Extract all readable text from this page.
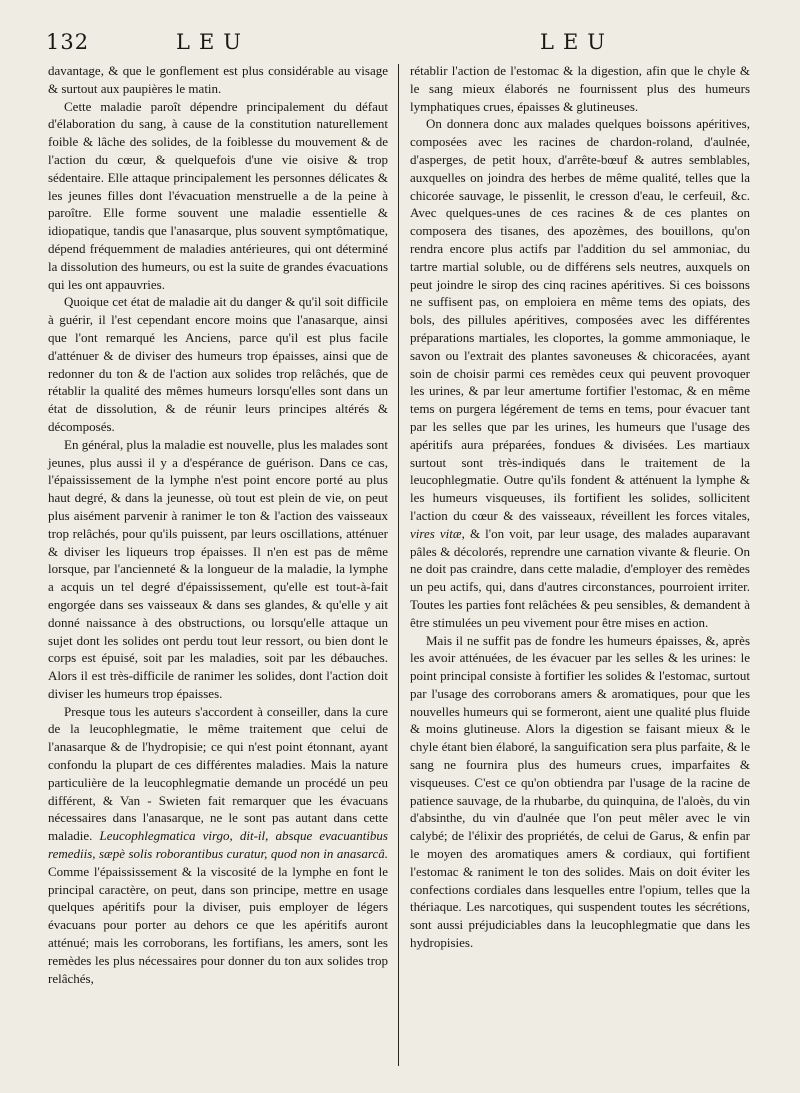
132	LEU	LEU

davantage, & que le gonflement est plus considérable au visage & surtout aux paupières le matin.

Cette maladie paroît dépendre principalement du défaut d'élaboration du sang, à cause de la constitution naturellement foible & lâche des solides, de la foiblesse du mouvement & de l'action du cœur, & quelquefois d'une vie oisive & trop sédentaire. Elle attaque principalement les personnes délicates & les jeunes filles dont l'évacuation menstruelle a de la peine à paroître. Elle forme souvent une maladie essentielle & idiopatique, tandis que l'anasarque, plus souvent symptômatique, dépend fréquemment de maladies antérieures, qui ont déterminé la dissolution des humeurs, ou est la suite de grandes évacuations qui les ont appauvries.

Quoique cet état de maladie ait du danger & qu'il soit difficile à guérir, il l'est cependant encore moins que l'anasarque, ainsi que l'ont remarqué les Anciens, parce qu'il est plus facile d'atténuer & de diviser des humeurs trop épaisses, ainsi que de redonner du ton & de l'action aux solides trop relâchés, que de rétablir la qualité des mêmes humeurs lorsqu'elles sont dans un état de dissolution, & de réunir leurs principes altérés & décomposés.

En général, plus la maladie est nouvelle, plus les malades sont jeunes, plus aussi il y a d'espérance de guérison. Dans ce cas, l'épaississement de la lymphe n'est point encore porté au plus haut degré, & dans la jeunesse, où tout est plein de vie, on peut plus aisément parvenir à ranimer le ton & l'action des vaisseaux trop relâchés, pour qu'ils puissent, par leurs oscillations, atténuer & diviser les liqueurs trop épaisses. Il n'en est pas de même lorsque, par l'ancienneté & la longueur de la maladie, la lymphe a acquis un tel degré d'épaississement, qu'elle est tout-à-fait engorgée dans ses vaisseaux & dans ses glandes, & qu'elle y ait donné naissance à des obstructions, ou lorsqu'elle attaque un sujet dont les solides ont perdu tout leur ressort, ou bien dont le corps est épuisé, soit par les maladies, soit par les débauches. Alors il est très-difficile de ranimer les solides, dont l'action doit diviser les humeurs trop épaisses.

Presque tous les auteurs s'accordent à conseiller, dans la cure de la leucophlegmatie, le même traitement que celui de l'anasarque & de l'hydropisie; ce qui n'est point étonnant, ayant confondu la plupart de ces différentes maladies. Mais la nature particulière de la leucophlegmatie demande un procédé un peu différent, & Van - Swieten fait remarquer que les évacuans nécessaires dans l'anasarque, ne le sont pas autant dans cette maladie. Leucophlegmatica virgo, dit-il, absque evacuantibus remediis, sæpè solis roborantibus curatur, quod non in anasarcâ. Comme l'épaississement & la viscosité de la lymphe en font le principal caractère, on peut, dans son principe, mettre en usage quelques apéritifs pour la diviser, puis employer de légers évacuans pour porter au dehors ce que les apéritifs auront atténué; mais les corroborans, les fortifians, les amers, sont les remèdes les plus nécessaires pour donner du ton aux solides trop relâchés,

rétablir l'action de l'estomac & la digestion, afin que le chyle & le sang mieux élaborés ne fournissent plus des humeurs lymphatiques crues, épaisses & glutineuses.

On donnera donc aux malades quelques boissons apéritives, composées avec les racines de chardon-roland, d'aulnée, d'asperges, de petit houx, d'arrête-bœuf & autres semblables, auxquelles on joindra des herbes de même qualité, telles que la chicorée sauvage, le pissenlit, le cresson d'eau, le cerfeuil, &c. Avec quelques-unes de ces racines & de ces plantes on composera des tisanes, des apozèmes, des bouillons, qu'on rendra encore plus actifs par l'addition du sel ammoniac, du tartre martial soluble, ou de différens sels neutres, auxquels on peut joindre le sirop des cinq racines apéritives. Si ces boissons ne suffisent pas, on emploiera en même tems des opiats, des bols, des pillules apéritives, composées avec les différentes préparations martiales, les cloportes, la gomme ammoniaque, le savon ou l'extrait des plantes savoneuses & chicoracées, ayant soin de choisir parmi ces remèdes ceux qui peuvent provoquer les urines, & par leur amertume fortifier l'estomac, & en même tems on purgera légérement de tems en tems, pour évacuer tant par les selles que par les urines, les humeurs que l'usage des apéritifs aura préparées, fondues & divisées. Les martiaux surtout sont très-indiqués dans le traitement de la leucophlegmatie. Outre qu'ils fondent & atténuent la lymphe & les humeurs visqueuses, ils fortifient les solides, sollicitent l'action du cœur & des vaisseaux, réveillent les forces vitales, vires vitæ, & l'on voit, par leur usage, des malades auparavant pâles & décolorés, reprendre une carnation vivante & fleurie. On ne doit pas craindre, dans cette maladie, d'employer des remèdes un peu actifs, qui, dans d'autres circonstances, pourroient irriter. Toutes les parties font relâchées & peu sensibles, & demandent à être stimulées un peu vivement pour être mises en action.

Mais il ne suffit pas de fondre les humeurs épaisses, &, après les avoir atténuées, de les évacuer par les selles & les urines: le point principal consiste à fortifier les solides & l'estomac, surtout par l'usage des corroborans amers & aromatiques, pour que les nouvelles humeurs qui se formeront, aient une qualité plus fluide & moins glutineuse. Alors la digestion se faisant mieux & le chyle étant bien élaboré, la sanguification sera plus parfaite, & le sang ne fournira plus des humeurs crues, imparfaites & visqueuses. C'est ce qu'on obtiendra par l'usage de la racine de patience sauvage, de la rhubarbe, du quinquina, de l'aloès, du vin d'absinthe, du vin d'aulnée que l'on peut mêler avec le vin calybé; de l'élixir des propriétés, de celui de Garus, & enfin par le moyen des aromatiques amers & cordiaux, qui fortifient l'estomac & raniment le ton des solides. Mais on doit éviter les confections cordiales dans lesquelles entre l'opium, telles que la thériaque. Les narcotiques, qui suspendent toutes les sécrétions, sont aussi préjudiciables dans la leucophlegmatie que dans les hydropisies.
